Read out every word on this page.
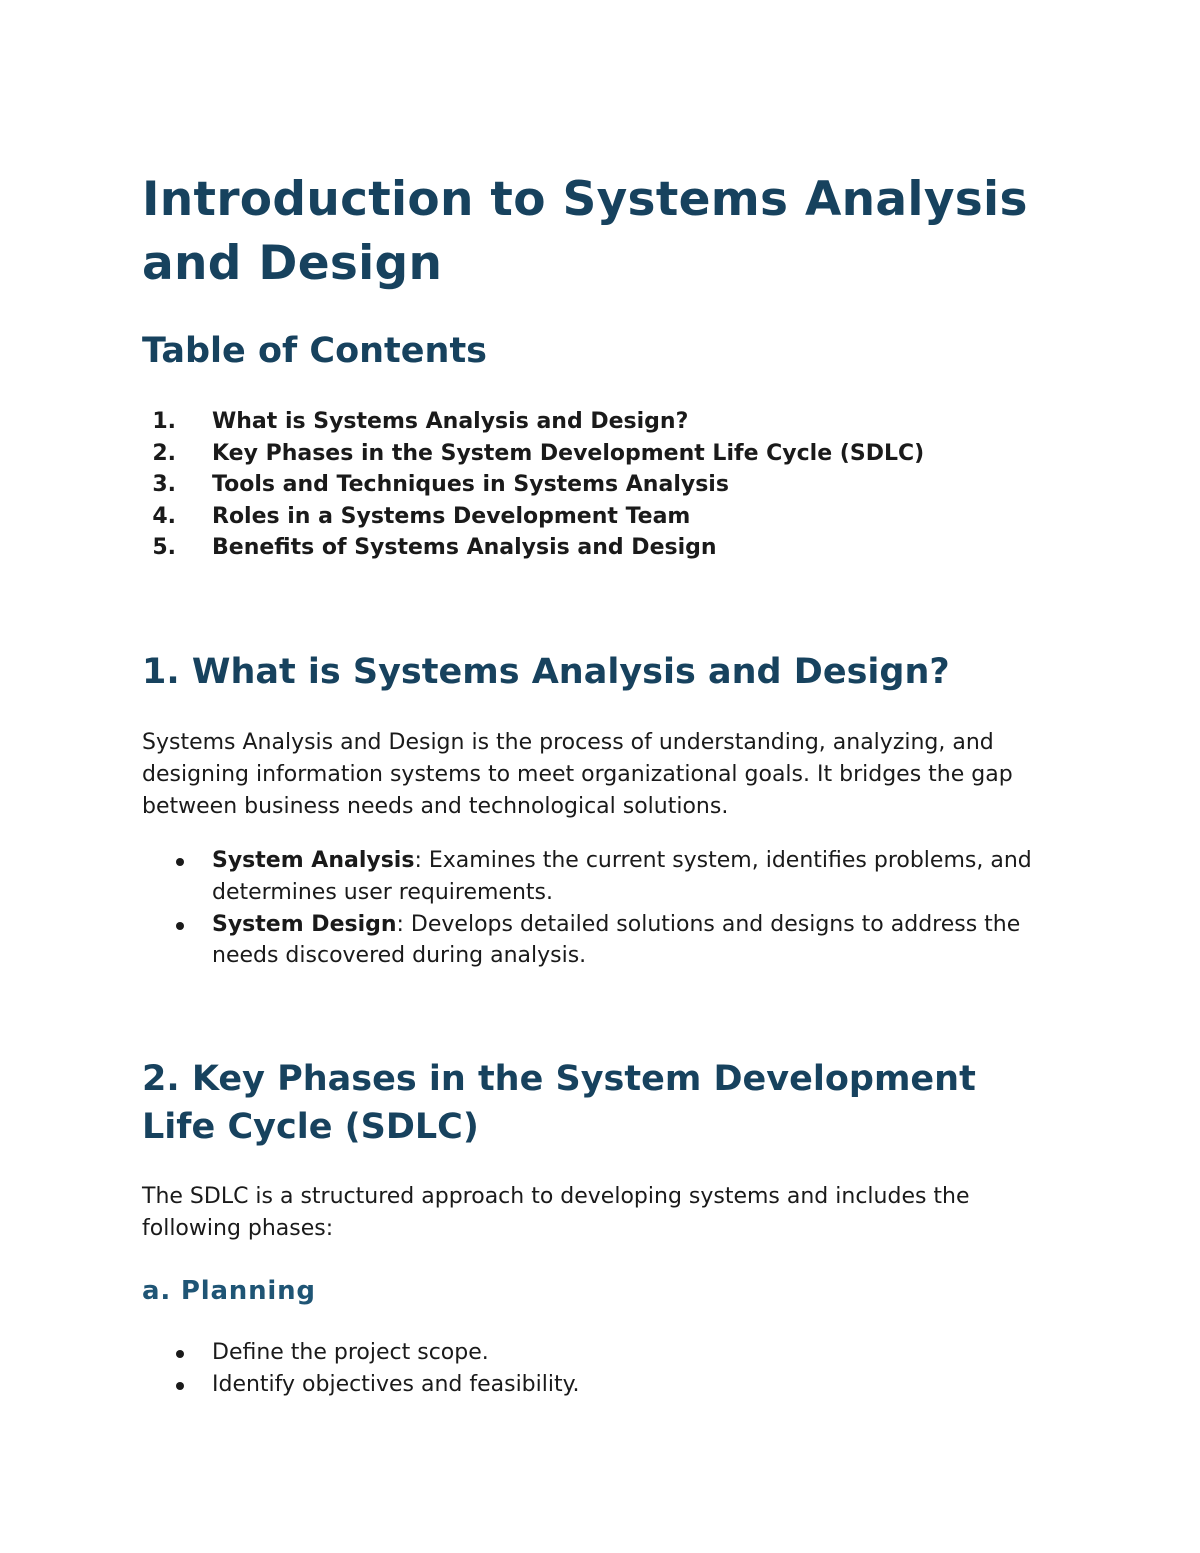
Introduction to Systems Analysis and Design
Table of Contents
1. What is Systems Analysis and Design?
2. Key Phases in the System Development Life Cycle (SDLC)
3. Tools and Techniques in Systems Analysis
4. Roles in a Systems Development Team
5. Benefits of Systems Analysis and Design
1. What is Systems Analysis and Design?

Systems Analysis and Design is the process of understanding, analyzing, and designing information systems to meet organizational goals. It bridges the gap between business needs and technological solutions.

System Analysis: Examines the current system, identifies problems, and determines user requirements.
System Design: Develops detailed solutions and designs to address the needs discovered during analysis.
2. Key Phases in the System Development Life Cycle (SDLC)

The SDLC is a structured approach to developing systems and includes the following phases:

a. Planning
Define the project scope.
Identify objectives and feasibility.
